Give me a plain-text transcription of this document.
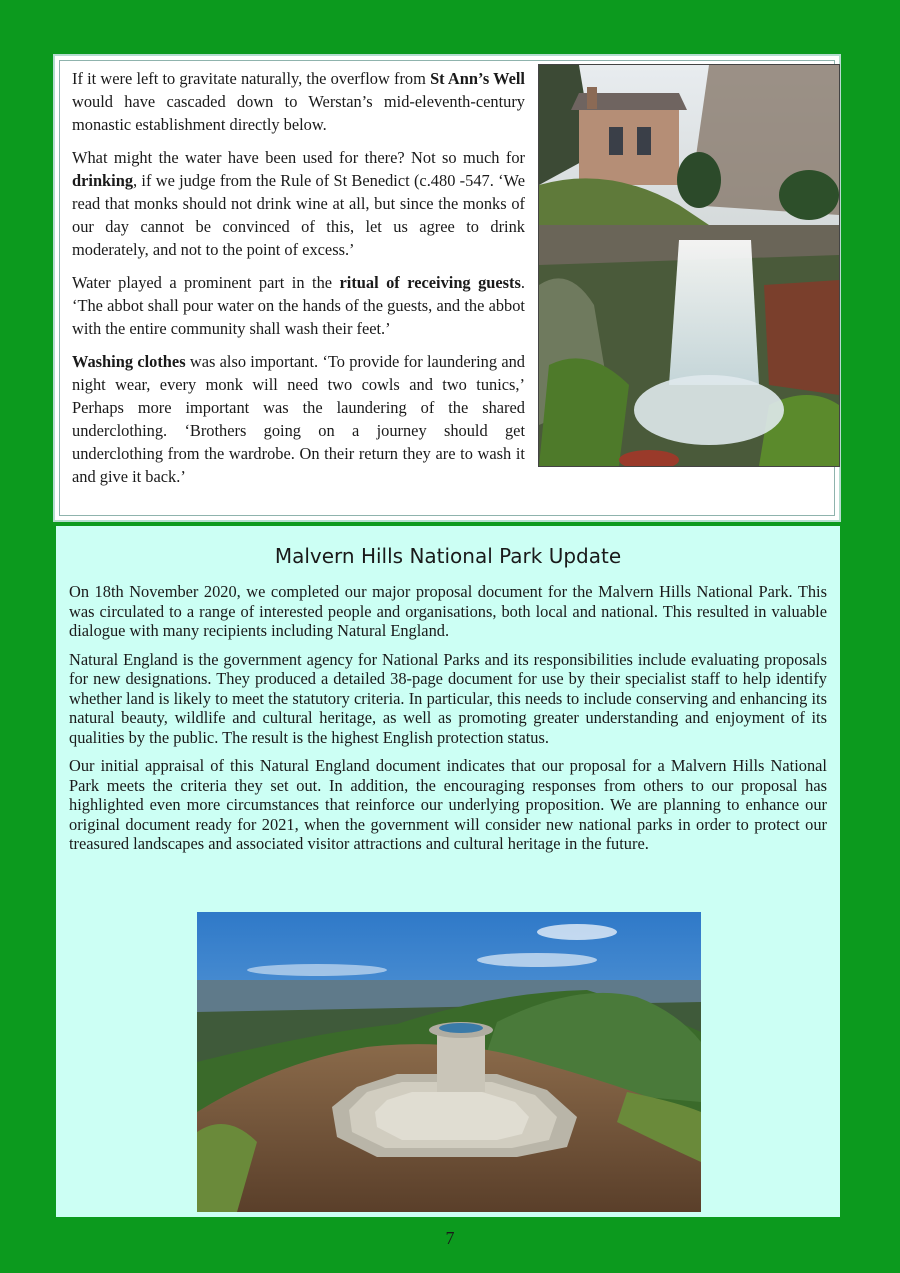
If it were left to gravitate naturally, the overflow from St Ann’s Well would have cascaded down to Werstan’s mid-eleventh-century monastic establishment directly below.

What might the water have been used for there? Not so much for drinking, if we judge from the Rule of St Benedict (c.480 -547. ‘We read that monks should not drink wine at all, but since the monks of our day cannot be convinced of this, let us agree to drink moderately, and not to the point of excess.’

Water played a prominent part in the ritual of receiving guests. ‘The abbot shall pour water on the hands of the guests, and the abbot with the entire community shall wash their feet.’

Washing clothes was also important. ‘To provide for laundering and night wear, every monk will need two cowls and two tunics,’ Perhaps more important was the laundering of the shared underclothing. ‘Brothers going on a journey should get underclothing from the wardrobe. On their return they are to wash it and give it back.’

Malvern Hills National Park Update

On 18th November 2020, we completed our major proposal document for the Malvern Hills National Park. This was circulated to a range of interested people and organisations, both local and national. This resulted in valuable dialogue with many recipients including Natural England.

Natural England is the government agency for National Parks and its responsibilities include evaluating proposals for new designations. They produced a detailed 38-page document for use by their specialist staff to help identify whether land is likely to meet the statutory criteria. In particular, this needs to include conserving and enhancing its natural beauty, wildlife and cultural heritage, as well as promoting greater understanding and enjoyment of its qualities by the public. The result is the highest English protection status.

Our initial appraisal of this Natural England document indicates that our proposal for a Malvern Hills National Park meets the criteria they set out. In addition, the encouraging responses from others to our proposal has highlighted even more circumstances that reinforce our underlying proposition. We are planning to enhance our original document ready for 2021, when the government will consider new national parks in order to protect our treasured landscapes and associated visitor attractions and cultural heritage in the future.

7
